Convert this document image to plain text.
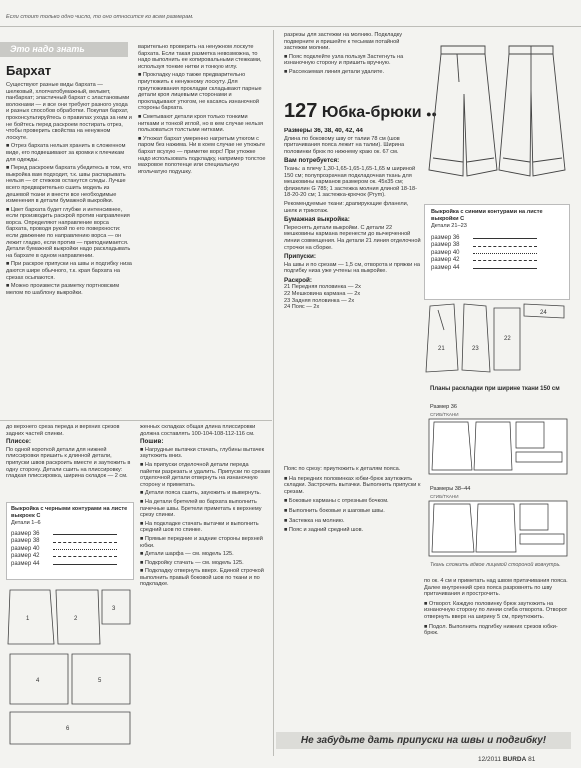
Если стоит только одно число, то оно относится ко всем размерам.
Это надо знать
Бархат

Существуют разные виды бархата — шелковый, хлопчатобумажный, вельвет, панбархат; эластичный бархат с эластановыми волокнами — и все они требуют разного ухода и разных способов обработки. Покупая бархат, проконсультируйтесь о правилах ухода за ним и не бойтесь перед раскроем постирать отрез, чтобы проверить свойства на ненужном лоскуте.

■ Отрез бархата нельзя хранить в сложенном виде, его подвешивают за кромки к плечикам для одежды.

■ Перед раскроем бархата убедитесь в том, что выкройка вам подходит, т.к. швы распарывать нельзя — от стежков останутся следы. Лучше всего предварительно сшить модель из дешевой ткани и внести все необходимые изменения в детали бумажной выкройки.

■ Цвет бархата будет глубже и интенсивнее, если производить раскрой против направления ворса. Определяют направление ворса бархата, проводя рукой по его поверхности: если движение по направлению ворса — он лежит гладко, если против — приподнимается. Детали бумажной выкройки надо раскладывать на бархате в одном направлении.

■ При раскрое припуски на швы и подгибку низа даются шире обычного, т.к. края бархата на срезах осыпаются.

■ Можно произвести разметку портновским мелом по шаблону выкройки.

варительно проверить на ненужном лоскуте бархата. Если такая разметка невозможна, то надо выполнить ее копировальными стежками, используя тонкие нитки и тонкую иглу.

■ Прокладку надо также предварительно приутюжить к ненужному лоскуту. Для приутюживания прокладки складывают парные детали кроя лицевыми сторонами и прокладывают утюгом, не касаясь изнаночной стороны бархата.

■ Сметывают детали кроя только тонкими нитками и тонкой иглой, но в кем случае нельзя пользоваться толстыми нитками.

■ Утюжат бархат умеренно нагретым утюгом с паром без нажима. Ни в коем случае не утюжьте бархат всухую — приметке ворс! При утюжке надо использовать подкладку, например толстое махровое полотенце или специальную игольчатую подушку.

разрезы для застежки на молнию. Подкладку подверните и пришейте к тесьмам потайной застежки молнии.

■ Пояс подклейте узла пользуя Застегнуть на изнаночную сторону и пришить вручную.

■ Рассекаемая линия детали удалите.

127 Юбка-брюки ●●
Размеры 36, 38, 40, 42, 44

Длина по боковому шву от талии 78 см (шов притачивания пояса лежит на талии). Ширина половинки брюк по нижнему краю ок. 67 см.

Вам потребуется:

Ткань: а плечу 1,30-1,65-1,65-1,65-1,65 м шириной 150 см; полупрозрачная подкладочная ткань для мешковины карманов размером ок. 45х35 см; флизелин G 785; 1 застежка молния длиной 18-18-18-20-20 см; 1 застежка-крючок (Prym).

Рекомендуемые ткани: драпирующие фланели, шелк и трикотаж.

Бумажная выкройка:

Переснять детали выкройки. С детали 22 мешковины кармана перенести до вычерченной линии совмещения. На детали 21 линия отделочной строчки на сборке.

Припуски:

На швы и по срезам — 1,5 см, отворота и пряжки на подгибку низа уже учтены на выкройке.

Раскрой:
21 Передняя половинка — 2x
22 Мешковина кармана — 2x
23 Задняя половинка — 2x
24 Пояс — 2x

Пояс по срезу: приутюжить к деталям пояса.

■ На передних половинках юбки-брюк заутюжить складки. Застрочить вытачки. Выполнить припуски к срезам.

■ Боковые карманы с отрезным бочком.

■ Выполнить боковые и шаговые швы.

■ Застежка на молнию.

■ Пояс и задний средний шов.

Выкройка с синими контурами на листе выкройки С
Детали 21–23
размер 36
размер 38
размер 40
размер 42
размер 44
21	23
22
24
Планы раскладки при ширине ткани 150 см
Размер 36
СГИБ/ТКАНИ
Размеры 38–44
СГИБ/ТКАНИ
Ткань сложить вдвое лицевой стороной вовнутрь.

по ок. 4 см и приметать над швом притачивания пояса. Далее внутренний срез пояса разровнять по шву притачивания и прострочить.

■ Отворот. Каждую половинку брюк заутюжить на изнаночную сторону по линии сгиба отворота. Отворот отвернуть вверх на ширину 5 см, приутюжить.

■ Подол. Выполнить подгибку нижних срезов юбки-брюк.

до верхнего среза переда и верхних срезов задних частей спинки.

Плиссе:

По одной короткой детали для нижней плиссировки пришить к длинной детали, припуски швов раскроить вместе и заутюжить в одну сторону. Детали сшить на плиссировку: гладкая плиссировка, ширина складок — 2 см.

Выкройка с черными контурами на листе выкроек С
Детали 1–6
размер 36
размер 38
размер 40
размер 42
размер 44
1	2
3
4	5
6

женных складках общая длина плиссировки должна составлять 100-104-108-112-116 см.

Пошив:

■ Нагрудные вытачки стачать, глубины вытачек заутюжить вниз.

■ На припуски отделочной детали переда пайетки разрезать и удалить. Припуски по срезам отделочной детали отвернуть на изнаночную сторону и приметать.

■ Детали пояса сшить, зауюжить и вывернуть.

■ На детали бретелей во бархата выполнить пачечные швы. Бретели приметать к верхнему срезу спинки.

■ На подкладке стачать вытачки и выполнить средний шов по спинке.

■ Прямые передние и задние стороны верхней юбки.

■ Детали шарфа — см. модель 125.

■ Подкройку стачать — см. модель 125.

■ Подкладку отвернуть вверх. Единой строчкой выполнить правый боковой шов по ткани и по подкладке.

Не забудьте дать припуски на швы и подгибку!
12/2011 BURDA 81
